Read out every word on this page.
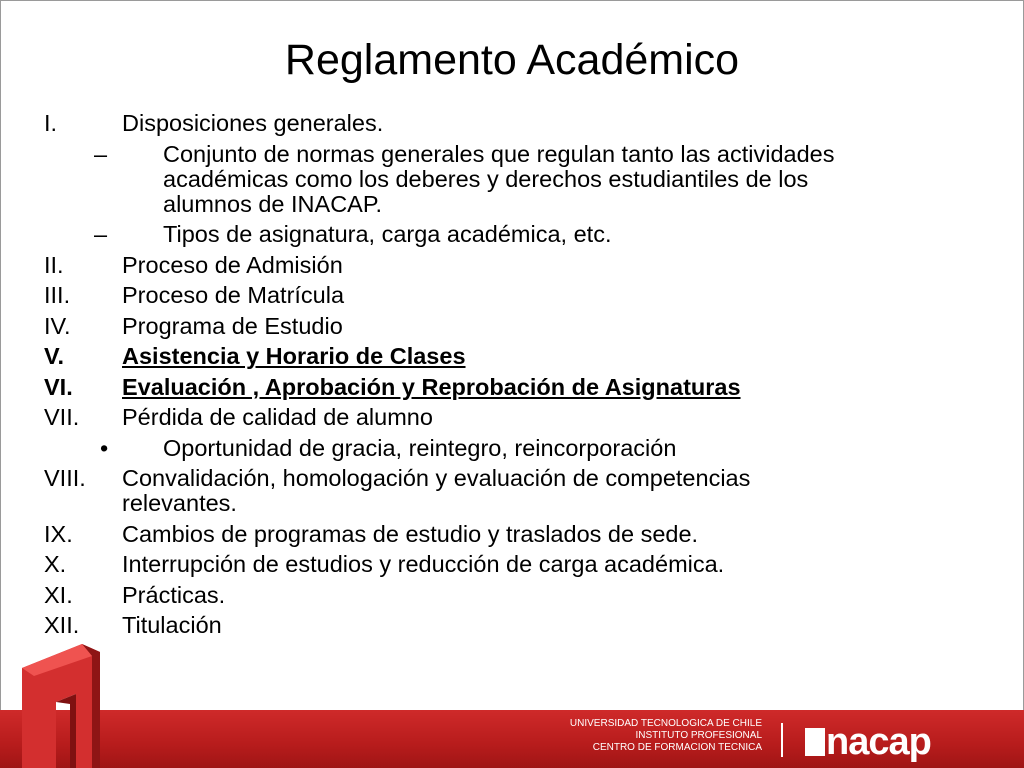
Reglamento Académico
I.	Disposiciones generales.
– Conjunto de normas generales que regulan tanto las actividades
académicas como los deberes y derechos estudiantiles de los
alumnos de INACAP.
– Tipos de asignatura, carga académica, etc.
II. Proceso de Admisión
III. Proceso de Matrícula
IV. Programa de Estudio
V. Asistencia y Horario de Clases
VI. Evaluación , Aprobación y Reprobación de Asignaturas
VII. Pérdida de calidad de alumno
• Oportunidad de gracia, reintegro, reincorporación
VIII. Convalidación, homologación y evaluación de competencias
relevantes.
IX. Cambios de programas de estudio y traslados de sede.
X. Interrupción de estudios y reducción de carga académica.
XI. Prácticas.
XII. Titulación
UNIVERSIDAD TECNOLOGICA DE CHILE
INSTITUTO PROFESIONAL
CENTRO DE FORMACION TECNICA nacap
